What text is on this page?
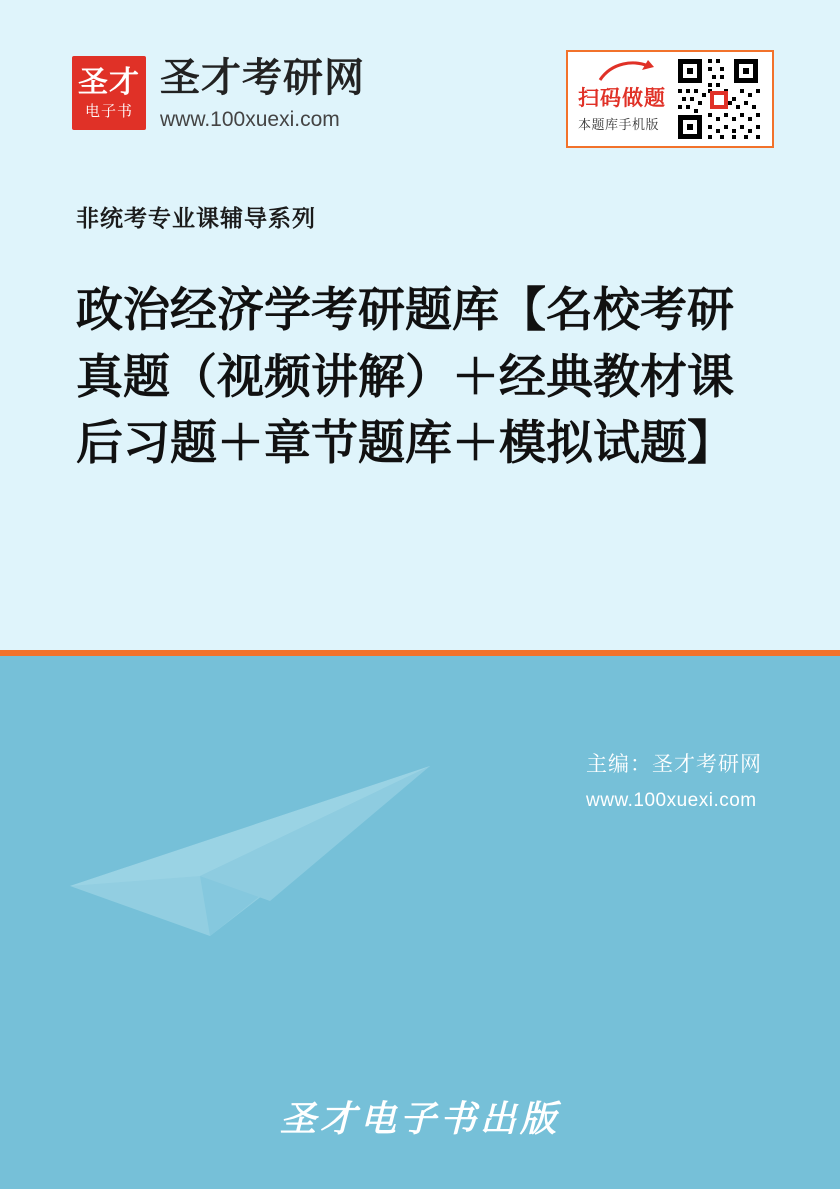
主编：圣才考研网
www.100xuexi.com
圣才电子书出版
圣才
电子书
圣才考研网
www.100xuexi.com
扫码做题
本题库手机版
非统考专业课辅导系列
政治经济学考研题库【名校考研真题（视频讲解）＋经典教材课后习题＋章节题库＋模拟试题】
